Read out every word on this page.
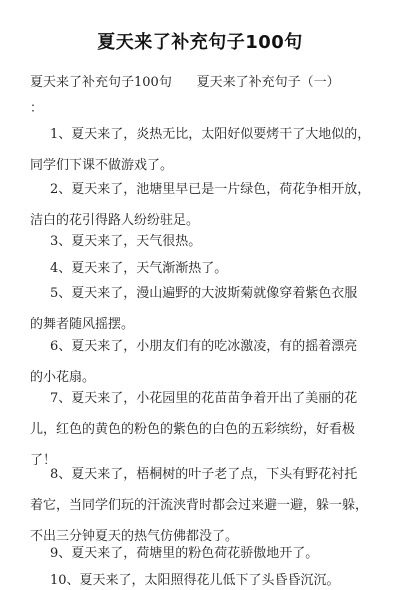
夏天来了补充句子100句
夏天来了补充句子100句      夏天来了补充句子（一）
：
1、夏天来了，炎热无比，太阳好似要烤干了大地似的，
同学们下课不做游戏了。
2、夏天来了，池塘里早已是一片绿色，荷花争相开放，
洁白的花引得路人纷纷驻足。
3、夏天来了，天气很热。
4、夏天来了，天气渐渐热了。
5、夏天来了，漫山遍野的大波斯菊就像穿着紫色衣服
的舞者随风摇摆。
6、夏天来了，小朋友们有的吃冰激凌，有的摇着漂亮
的小花扇。
7、夏天来了，小花园里的花苗苗争着开出了美丽的花
儿，红色的黄色的粉色的紫色的白色的五彩缤纷，好看极
了！
8、夏天来了，梧桐树的叶子老了点，下头有野花衬托
着它，当同学们玩的汗流浃背时都会过来避一避，躲一躲，
不出三分钟夏天的热气仿佛都没了。
9、夏天来了，荷塘里的粉色荷花骄傲地开了。
10、夏天来了，太阳照得花儿低下了头昏昏沉沉。
